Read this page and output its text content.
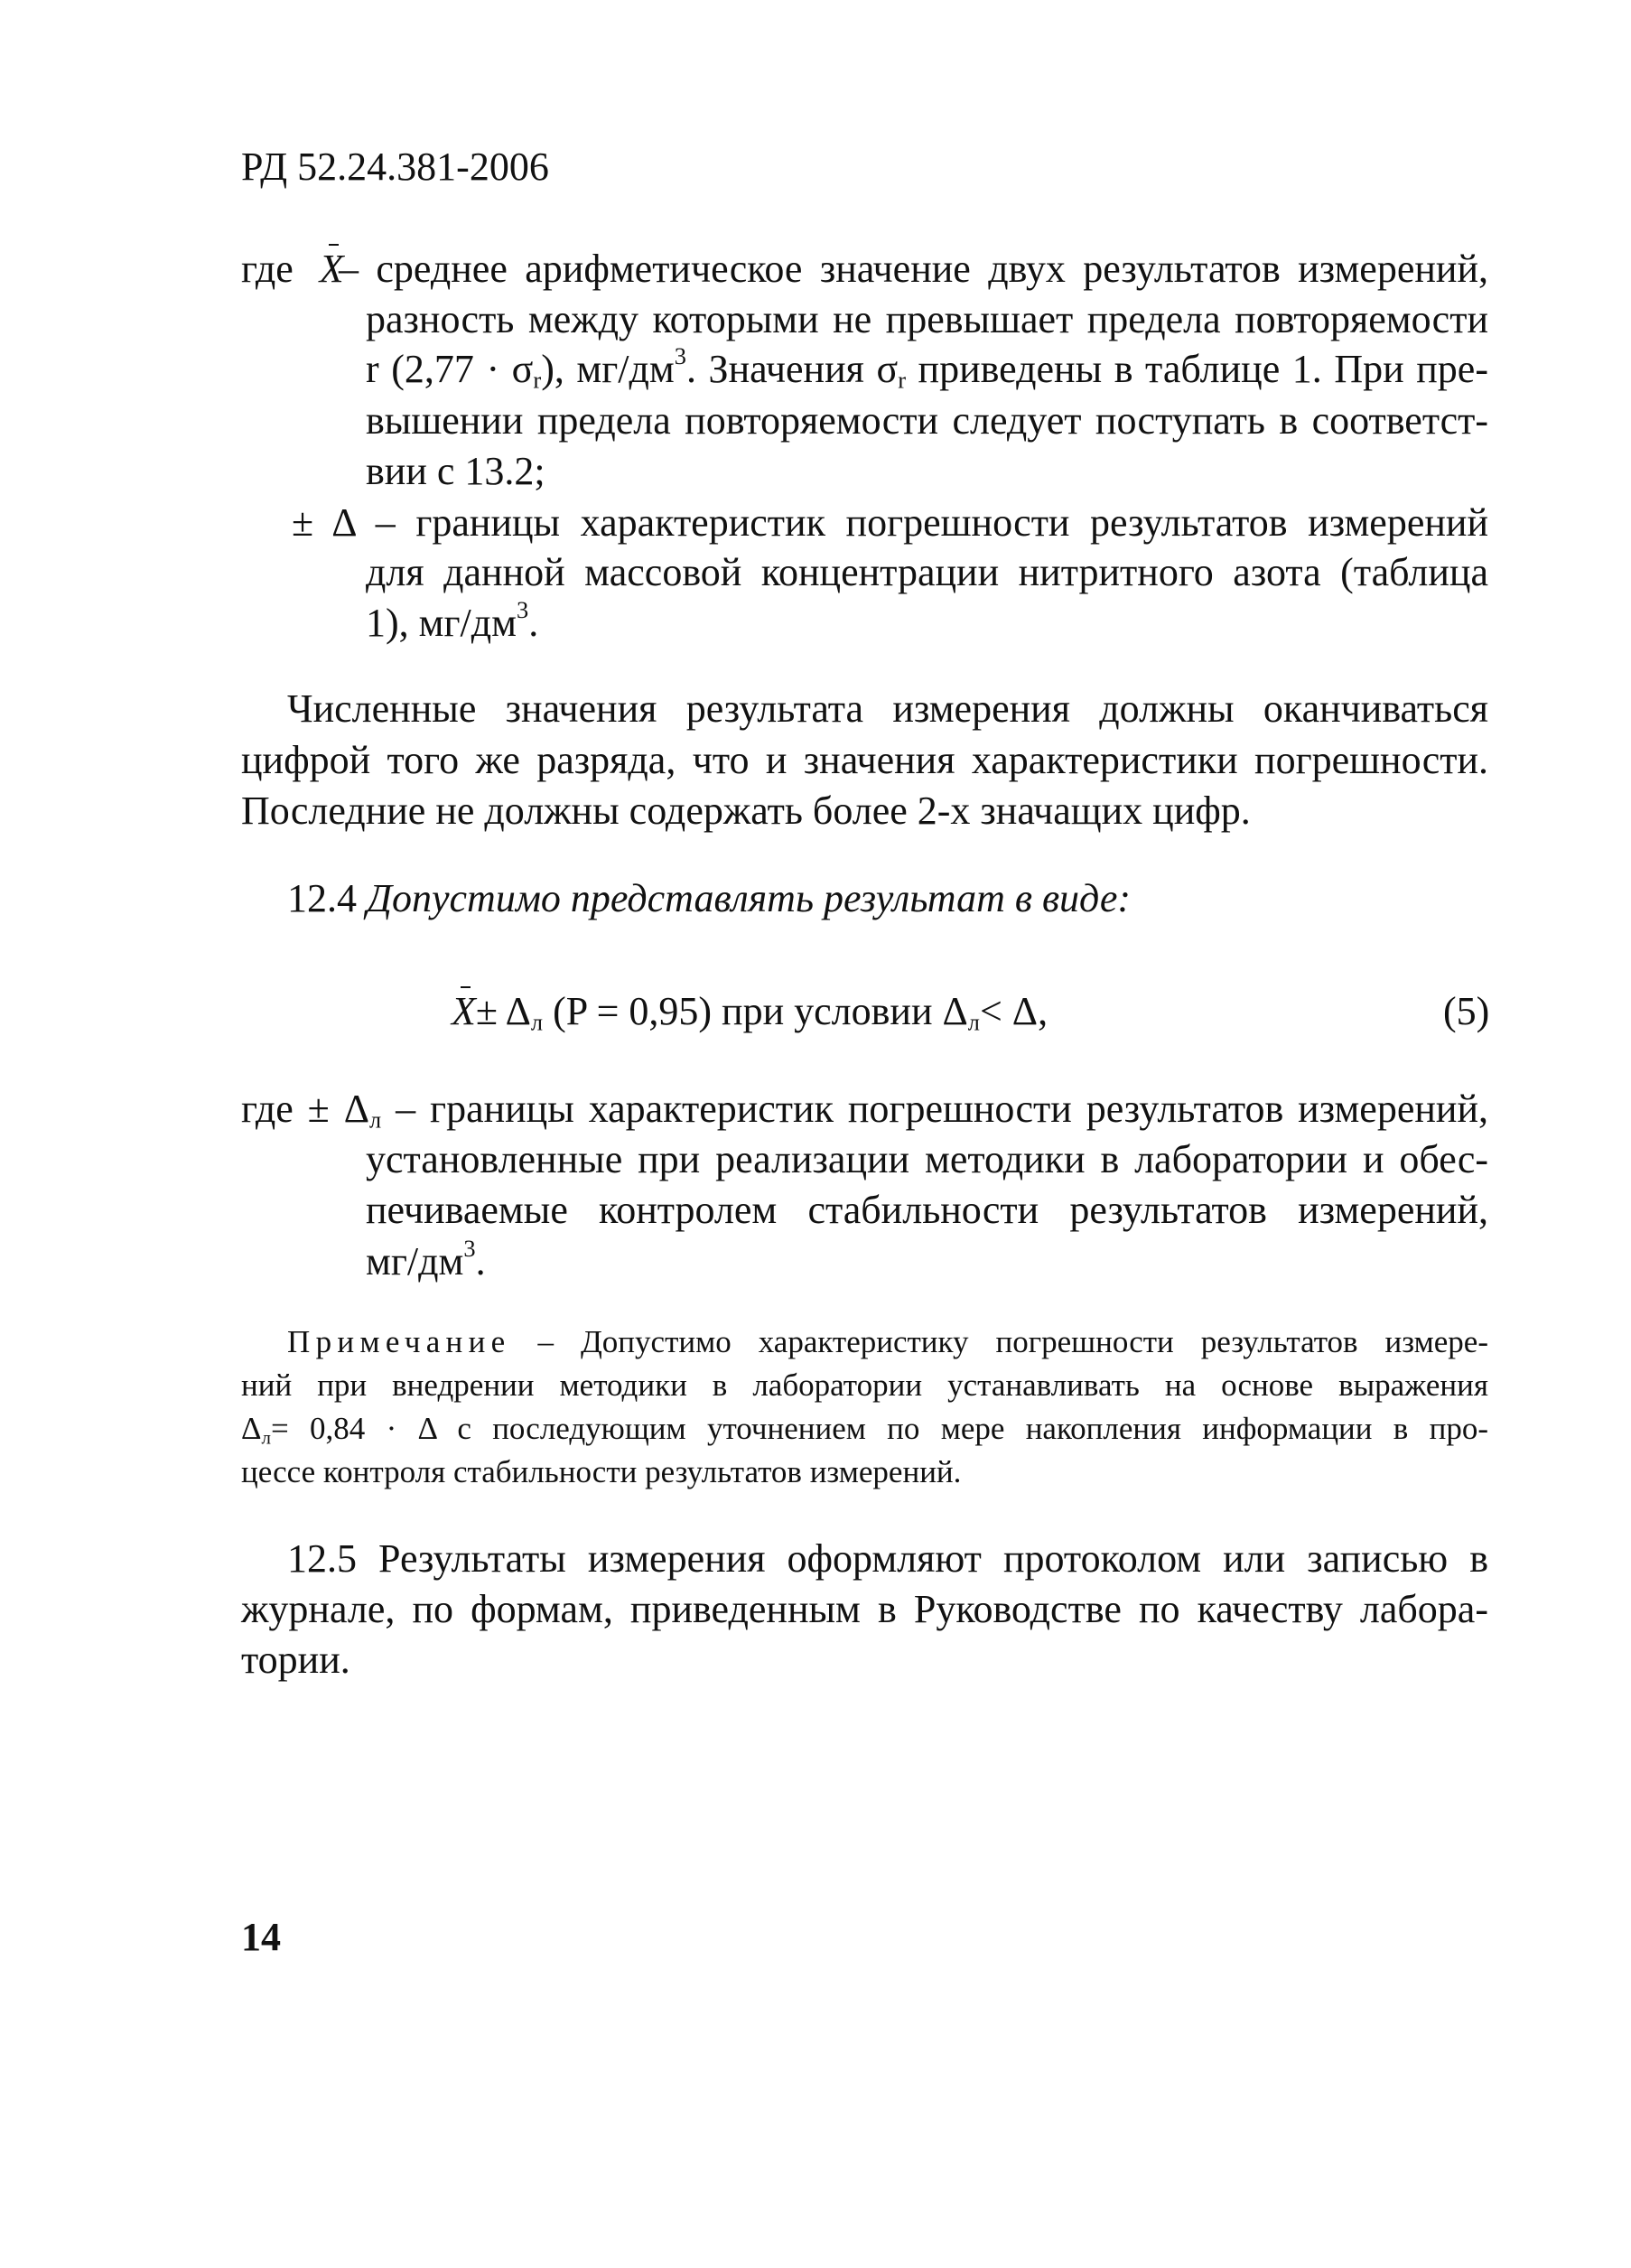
РД 52.24.381-2006
где X
– среднее арифметическое значение двух результатов измерений,
разность между которыми не превышает предела повторяемости
r $(2,77 \cdot \sigma_r)$, $мг/дм^3$. Значения $\sigma_r$ приведены в таблице 1. При пре-
вышении предела повторяемости следует поступать в соответст-
вии с 13.2;
± Δ – границы характеристик погрешности результатов измерений
для данной массовой концентрации нитритного азота (таблица
1), $мг/дм^3$.
Численные значения результата измерения должны оканчиваться
цифрой того же разряда, что и значения характеристики погрешности.
Последние не должны содержать более 2-х значащих цифр.
12.4 Допустимо представлять результат в виде:
$X\pm \Delta_л$ (P = 0,95) при условии $\Delta_л< \Delta$,	(5)
где ± $\Delta_л$ – границы характеристик погрешности результатов измерений,
установленные при реализации методики в лаборатории и обес-
печиваемые контролем стабильности результатов измерений,
$мг/дм^3$.
Примечание – Допустимо характеристику погрешности результатов измере-
ний при внедрении методики в лаборатории устанавливать на основе выражения
$\Delta_л= 0,84 \cdot \Delta$ с последующим уточнением по мере накопления информации в про-
цессе контроля стабильности результатов измерений.
12.5 Результаты измерения оформляют протоколом или записью в
журнале, по формам, приведенным в Руководстве по качеству лабора-
тории.
14
